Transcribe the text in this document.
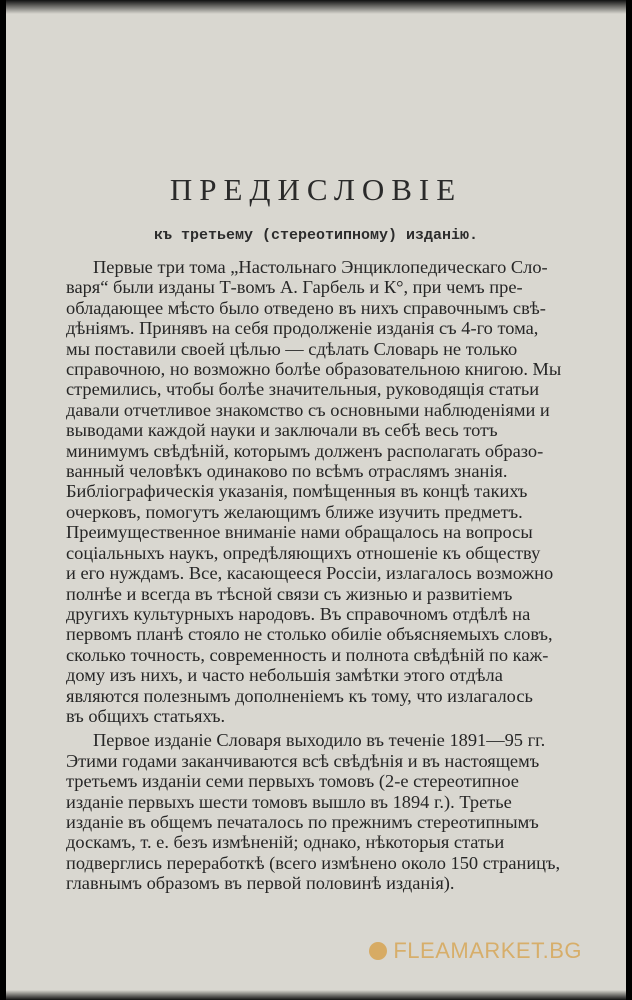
ПРЕДИСЛОВІЕ
къ третьему (стереотипному) изданію.
Первые три тома „Настольнаго Энциклопедическаго Сло-
варя“ были изданы Т-вомъ А. Гарбель и К°, при чемъ пре-
обладающее мѣсто было отведено въ нихъ справочнымъ свѣ-
дѣніямъ. Принявъ на себя продолженіе изданія съ 4-го тома,
мы поставили своей цѣлью — сдѣлать Словарь не только
справочною, но возможно болѣе образовательною книгою. Мы
стремились, чтобы болѣе значительныя, руководящія статьи
давали отчетливое знакомство съ основными наблюденіями и
выводами каждой науки и заключали въ себѣ весь тотъ
минимумъ свѣдѣній, которымъ долженъ располагать образо-
ванный человѣкъ одинаково по всѣмъ отраслямъ знанія.
Библіографическія указанія, помѣщенныя въ концѣ такихъ
очерковъ, помогутъ желающимъ ближе изучить предметъ.
Преимущественное вниманіе нами обращалось на вопросы
соціальныхъ наукъ, опредѣляющихъ отношеніе къ обществу
и его нуждамъ. Все, касающееся Россіи, излагалось возможно
полнѣе и всегда въ тѣсной связи съ жизнью и развитіемъ
другихъ культурныхъ народовъ. Въ справочномъ отдѣлѣ на
первомъ планѣ стояло не столько обиліе объясняемыхъ словъ,
сколько точность, современность и полнота свѣдѣній по каж-
дому изъ нихъ, и часто небольшія замѣтки этого отдѣла
являются полезнымъ дополненіемъ къ тому, что излагалось
въ общихъ статьяхъ.
Первое изданіе Словаря выходило въ теченіе 1891—95 гг.
Этими годами заканчиваются всѣ свѣдѣнія и въ настоящемъ
третьемъ изданіи семи первыхъ томовъ (2-е стереотипное
изданіе первыхъ шести томовъ вышло въ 1894 г.). Третье
изданіе въ общемъ печаталось по прежнимъ стереотипнымъ
доскамъ, т. е. безъ измѣненій; однако, нѣкоторыя статьи
подверглись переработкѣ (всего измѣнено около 150 страницъ,
главнымъ образомъ въ первой половинѣ изданія).
FLEAMARKET.BG
